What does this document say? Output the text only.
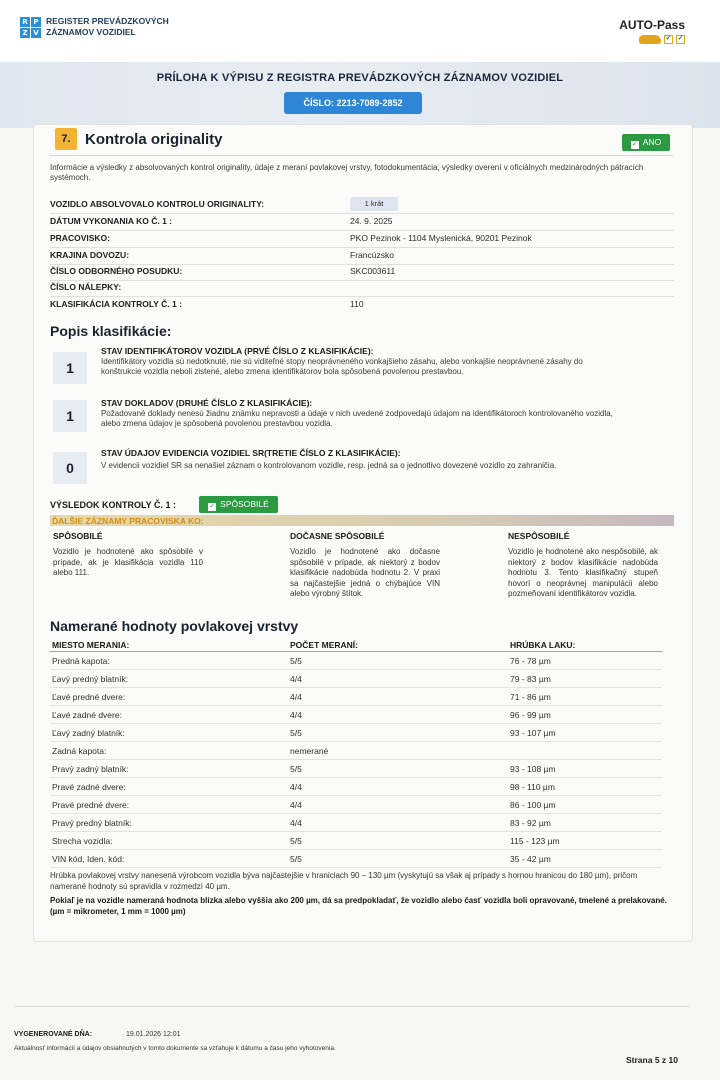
R P
Z V
REGISTER PREVÁDZKOVÝCH
ZÁZNAMOV VOZIDIEL	AUTO-Pass
✓ ✓
PRÍLOHA K VÝPISU Z REGISTRA PREVÁDZKOVÝCH ZÁZNAMOV VOZIDIEL
ČÍSLO: 2213-7089-2852
7. Kontrola originality	✓ ANO
Informácie a výsledky z absolvovaných kontrol originality, údaje z meraní povlakovej vrstvy, fotodokumentácia, výsledky overení v oficiálnych medzinárodných pátracích systémoch.
VOZIDLO ABSOLVOVALO KONTROLU ORIGINALITY:	1 krát
DÁTUM VYKONANIA KO Č. 1 :	24. 9. 2025
PRACOVISKO:	PKO Pezinok - 1104 Myslenická, 90201 Pezinok
KRAJINA DOVOZU:	Francúzsko
ČÍSLO ODBORNÉHO POSUDKU:	SKC003611
ČÍSLO NÁLEPKY:
KLASIFIKÁCIA KONTROLY Č. 1 :	110
Popis klasifikácie:
1
STAV IDENTIFIKÁTOROV VOZIDLA (PRVÉ ČÍSLO Z KLASIFIKÁCIE):
Identifikátory vozidla sú nedotknuté, nie sú viditeľné stopy neoprávneného vonkajšieho zásahu, alebo vonkajšie neoprávnené zásahy do konštrukcie vozidla neboli zistené, alebo zmena identifikátorov bola spôsobená povolenou prestavbou.
1
STAV DOKLADOV (DRUHÉ ČÍSLO Z KLASIFIKÁCIE):
Požadované doklady nenesú žiadnu známku nepravosti a údaje v nich uvedené zodpovedajú údajom na identifikátoroch kontrolovaného vozidla, alebo zmena údajov je spôsobená povolenou prestavbou vozidla.
0
STAV ÚDAJOV EVIDENCIA VOZIDIEL SR(TRETIE ČÍSLO Z KLASIFIKÁCIE):
V evidencii vozidiel SR sa nenašiel záznam o kontrolovanom vozidle, resp. jedná sa o jednotlivo dovezené vozidlo zo zahraničia.
VÝSLEDOK KONTROLY Č. 1 :	✓ SPÔSOBILÉ
ĎALŠIE ZÁZNAMY PRACOVISKA KO:
SPÔSOBILÉ
Vozidlo je hodnotené ako spôsobilé v prípade, ak je klasifikácia vozidla 110 alebo 111.
DOČASNE SPÔSOBILÉ
Vozidlo je hodnotené ako dočasne spôsobilé v prípade, ak niektorý z bodov klasifikácie nadobúda hodnotu 2. V praxi sa najčastejšie jedná o chýbajúce VIN alebo výrobný štítok.
NESPÔSOBILÉ
Vozidlo je hodnotené ako nespôsobilé, ak niektorý z bodov klasifikácie nadobúda hodnotu 3. Tento klasifikačný stupeň hovorí o neoprávnej manipulácii alebo pozmeňovaní identifikátorov vozidla.
Namerané hodnoty povlakovej vrstvy
MIESTO MERANIA:	POČET MERANÍ:	HRÚBKA LAKU:
Predná kapota:	5/5	76 - 78 µm
Ľavý predný blatník:	4/4	79 - 83 µm
Ľavé predné dvere:	4/4	71 - 86 µm
Ľavé zadné dvere:	4/4	96 - 99 µm
Ľavý zadný blatník:	5/5	93 - 107 µm
Zadná kapota:	nemerané
Pravý zadný blatník:	5/5	93 - 108 µm
Pravé zadné dvere:	4/4	98 - 110 µm
Pravé predné dvere:	4/4	86 - 100 µm
Pravý predný blatník:	4/4	83 - 92 µm
Strecha vozidla:	5/5	115 - 123 µm
VIN kód, Iden. kód:	5/5	35 - 42 µm
Hrúbka povlakovej vrstvy nanesená výrobcom vozidla býva najčastejšie v hraniciach 90 – 130 µm (vyskytujú sa však aj prípady s hornou hranicou do 180 µm), pričom namerané hodnoty sú spravidla v rozmedzí 40 µm.
Pokiaľ je na vozidle nameraná hodnota blízka alebo vyššia ako 200 µm, dá sa predpokladať, že vozidlo alebo časť vozidla boli opravované, tmelené a prelakované. (µm = mikrometer, 1 mm = 1000 µm)
VYGENEROVANÉ DŇA:	19.01.2026 12:01
Aktuálnosť informácií a údajov obsiahnutých v tomto dokumente sa vzťahuje k dátumu a času jeho vyhotovenia.
Strana 5 z 10
